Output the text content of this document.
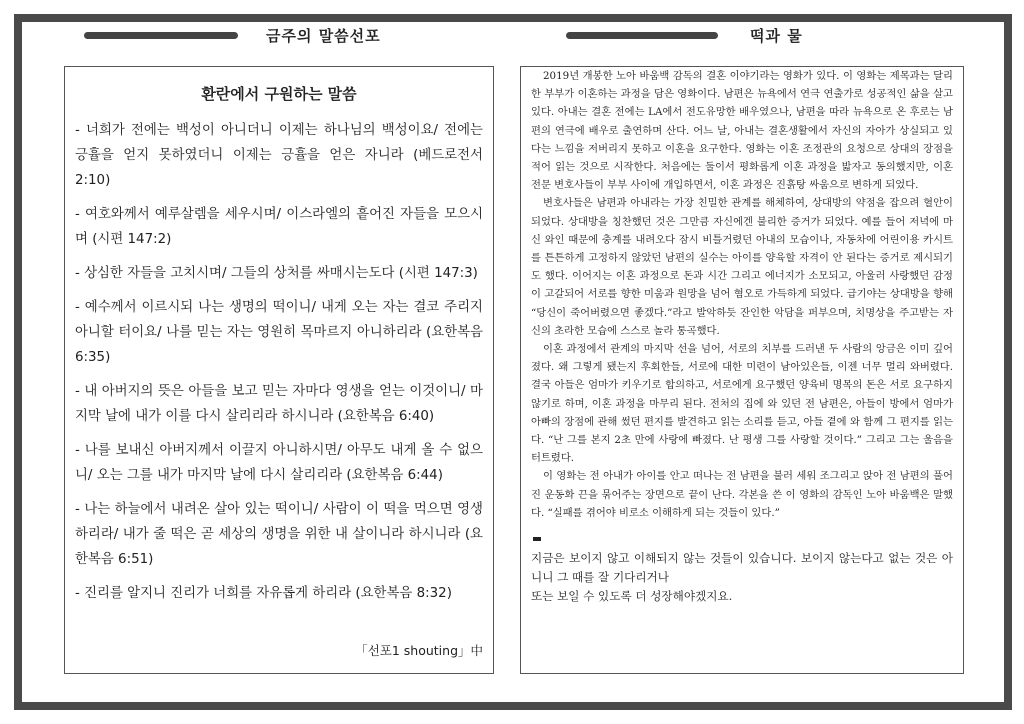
금주의 말씀선포	떡과 물
환란에서 구원하는 말씀
- 너희가 전에는 백성이 아니더니 이제는 하나님의 백성이요/ 전에는 긍휼을 얻지 못하였더니 이제는 긍휼을 얻은 자니라 (베드로전서 2:10)
- 여호와께서 예루살렘을 세우시며/ 이스라엘의 흩어진 자들을 모으시며 (시편 147:2)
- 상심한 자들을 고치시며/ 그들의 상처를 싸매시는도다 (시편 147:3)
- 예수께서 이르시되 나는 생명의 떡이니/ 내게 오는 자는 결코 주리지 아니할 터이요/ 나를 믿는 자는 영원히 목마르지 아니하리라 (요한복음 6:35)
- 내 아버지의 뜻은 아들을 보고 믿는 자마다 영생을 얻는 이것이니/ 마지막 날에 내가 이를 다시 살리리라 하시니라 (요한복음 6:40)
- 나를 보내신 아버지께서 이끌지 아니하시면/ 아무도 내게 올 수 없으니/ 오는 그를 내가 마지막 날에 다시 살리리라 (요한복음 6:44)
- 나는 하늘에서 내려온 살아 있는 떡이니/ 사람이 이 떡을 먹으면 영생하리라/ 내가 줄 떡은 곧 세상의 생명을 위한 내 살이니라 하시니라 (요한복음 6:51)
- 진리를 알지니 진리가 너희를 자유롭게 하리라 (요한복음 8:32)
「선포1 shouting」中

2019년 개봉한 노아 바움백 감독의 결혼 이야기라는 영화가 있다. 이 영화는 제목과는 달리 한 부부가 이혼하는 과정을 담은 영화이다. 남편은 뉴욕에서 연극 연출가로 성공적인 삶을 살고 있다. 아내는 결혼 전에는 LA에서 전도유망한 배우였으나, 남편을 따라 뉴욕으로 온 후로는 남편의 연극에 배우로 출연하며 산다. 어느 날, 아내는 결혼생활에서 자신의 자아가 상실되고 있다는 느낌을 저버리지 못하고 이혼을 요구한다. 영화는 이혼 조정관의 요청으로 상대의 장점을 적어 읽는 것으로 시작한다. 처음에는 둘이서 평화롭게 이혼 과정을 밟자고 동의했지만, 이혼 전문 변호사들이 부부 사이에 개입하면서, 이혼 과정은 진흙탕 싸움으로 변하게 되었다.

변호사들은 남편과 아내라는 가장 친밀한 관계를 해체하여, 상대방의 약점을 잡으려 혈안이 되었다. 상대방을 칭찬했던 것은 그만큼 자신에겐 불리한 증거가 되었다. 예를 들어 저녁에 마신 와인 때문에 충계를 내려오다 잠시 비틀거렸던 아내의 모습이나, 자동차에 어린이용 카시트를 튼튼하게 고정하지 않았던 남편의 실수는 아이를 양육할 자격이 안 된다는 증거로 제시되기도 했다. 이어지는 이혼 과정으로 돈과 시간 그리고 에너지가 소모되고, 아울러 사랑했던 감정이 고갈되어 서로를 향한 미움과 원망을 넘어 혐오로 가득하게 되었다. 급기야는 상대방을 향해 “당신이 죽어버렸으면 좋겠다.”라고 발악하듯 잔인한 악담을 퍼부으며, 치명상을 주고받는 자신의 초라한 모습에 스스로 놀라 통곡했다.

이혼 과정에서 관계의 마지막 선을 넘어, 서로의 치부를 드러낸 두 사람의 앙금은 이미 깊어졌다. 왜 그렇게 됐는지 후회한들, 서로에 대한 미련이 남아있은들, 이젠 너무 멀리 와버렸다. 결국 아들은 엄마가 키우기로 합의하고, 서로에게 요구했던 양육비 명목의 돈은 서로 요구하지 않기로 하며, 이혼 과정을 마무리 된다. 전처의 집에 와 있던 전 남편은, 아들이 방에서 엄마가 아빠의 장점에 관해 썼던 편지를 발견하고 읽는 소리를 듣고, 아들 곁에 와 함께 그 편지를 읽는다. “난 그를 본지 2초 만에 사랑에 빠졌다. 난 평생 그를 사랑할 것이다.” 그리고 그는 울음을 터트렸다.

이 영화는 전 아내가 아이를 안고 떠나는 전 남편을 불러 세워 조그리고 앉아 전 남편의 풀어진 운동화 끈을 묶어주는 장면으로 끝이 난다. 각본을 쓴 이 영화의 감독인 노아 바움백은 말했다. “실패를 겪어야 비로소 이해하게 되는 것들이 있다.”

지금은 보이지 않고 이해되지 않는 것들이 있습니다. 보이지 않는다고 없는 것은 아니니 그 때를 잘 기다리거나

또는 보일 수 있도록 더 성장해야겠지요.
